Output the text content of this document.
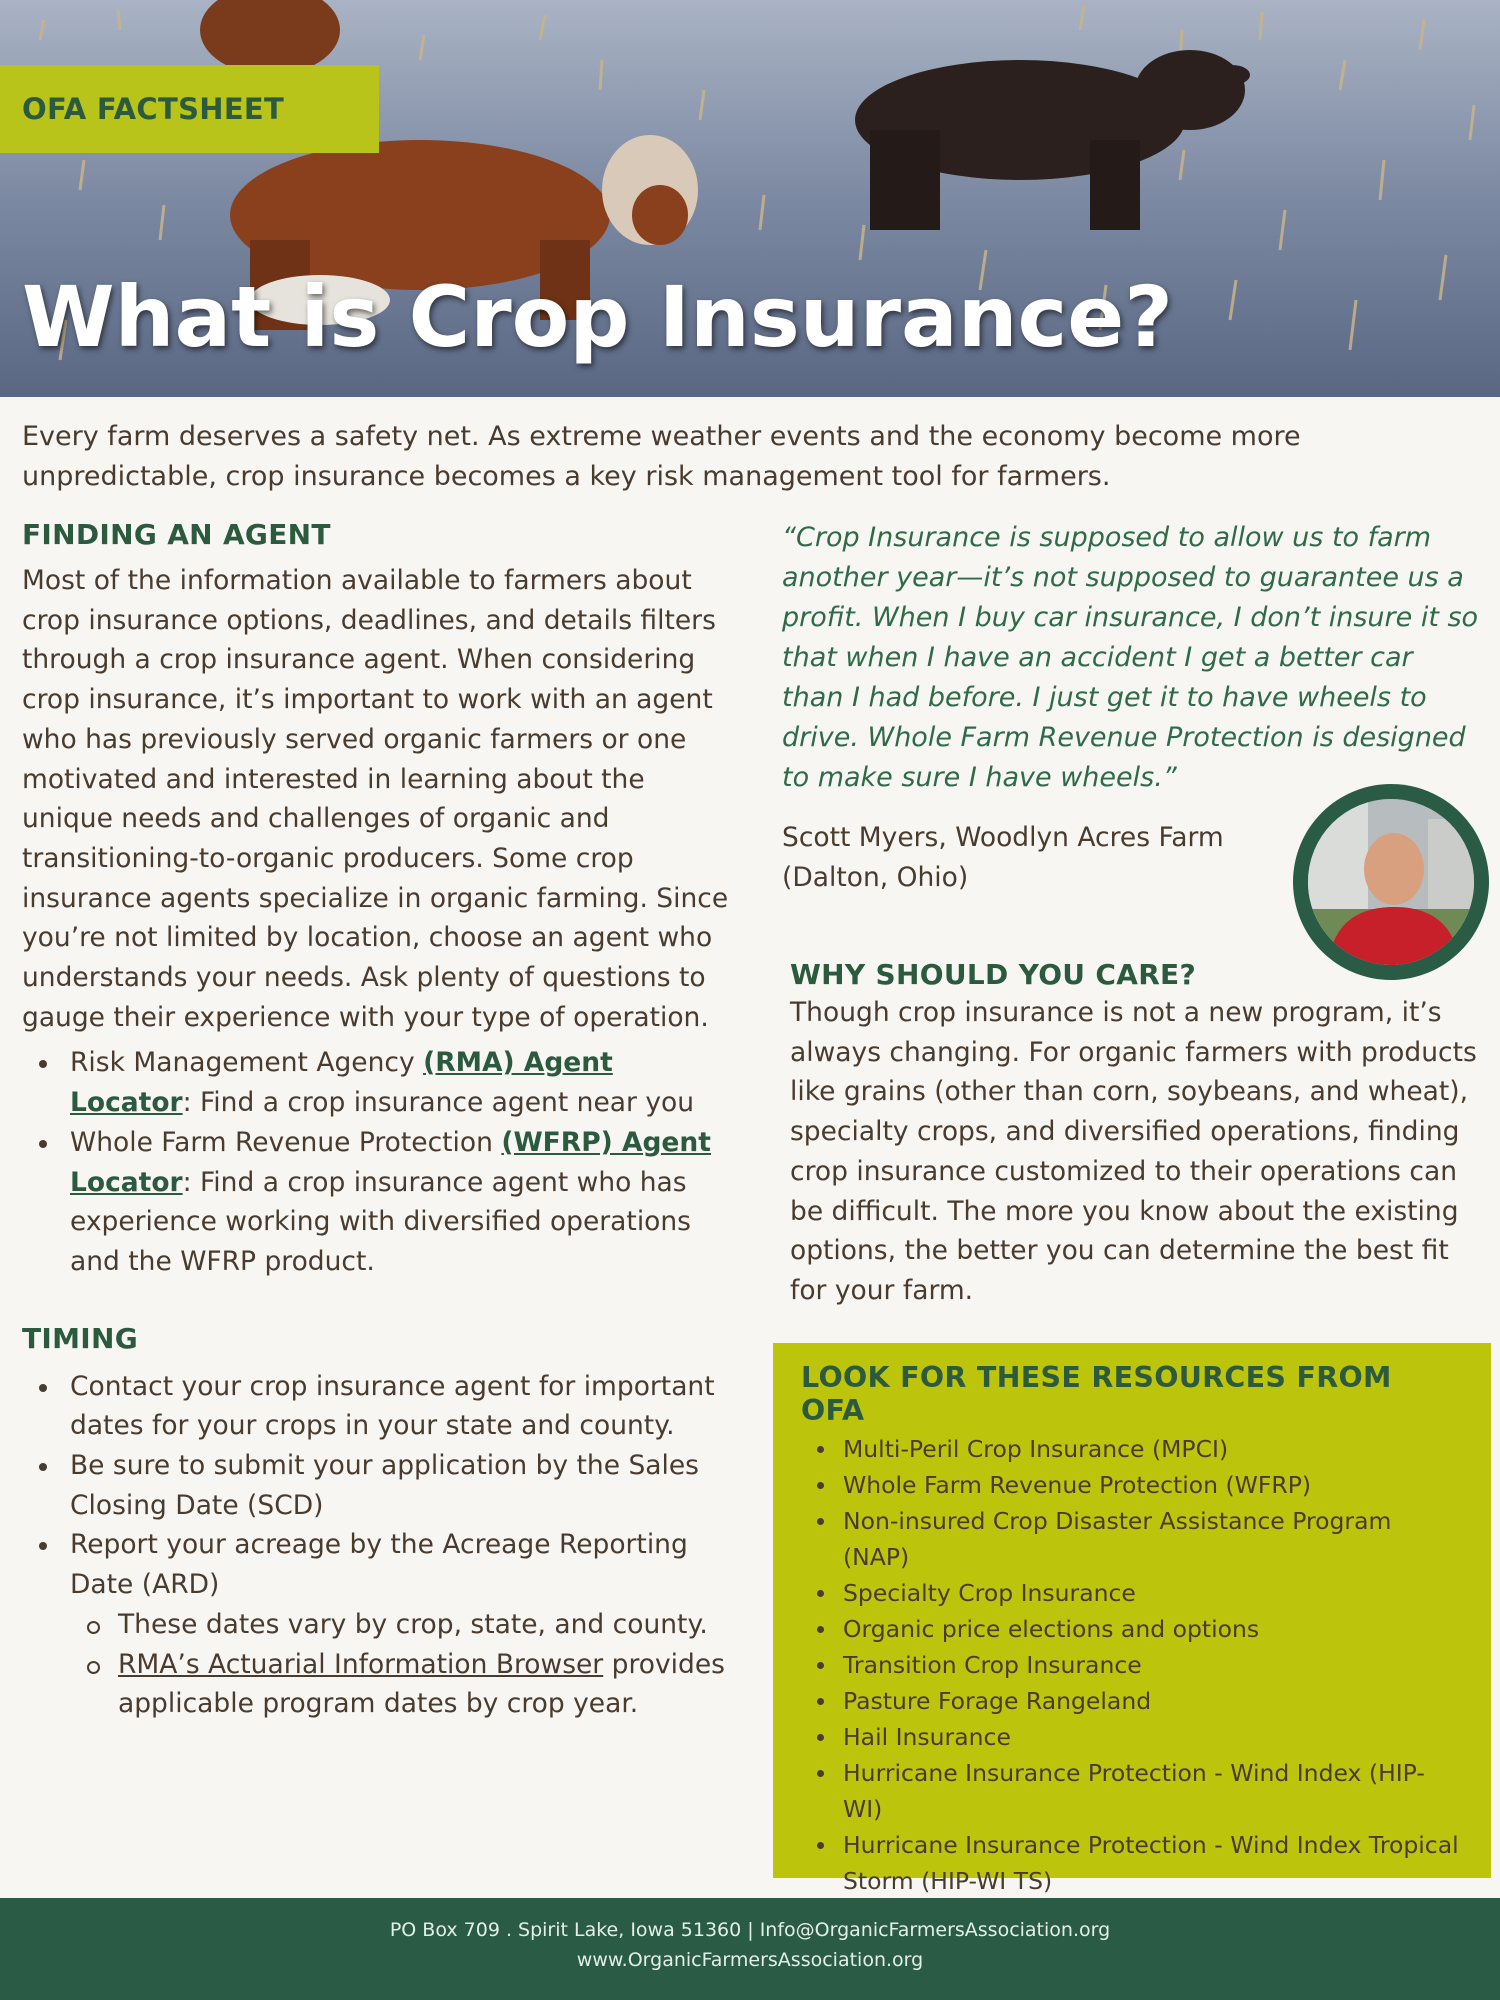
OFA FACTSHEET
What is Crop Insurance?

Every farm deserves a safety net. As extreme weather events and the economy become more unpredictable, crop insurance becomes a key risk management tool for farmers.

FINDING AN AGENT

Most of the information available to farmers about crop insurance options, deadlines, and details filters through a crop insurance agent. When considering crop insurance, it’s important to work with an agent who has previously served organic farmers or one motivated and interested in learning about the unique needs and challenges of organic and transitioning-to-organic producers. Some crop insurance agents specialize in organic farming. Since you’re not limited by location, choose an agent who understands your needs. Ask plenty of questions to gauge their experience with your type of operation.

Risk Management Agency (RMA) Agent Locator: Find a crop insurance agent near you
Whole Farm Revenue Protection (WFRP) Agent Locator: Find a crop insurance agent who has experience working with diversified operations and the WFRP product.
TIMING
Contact your crop insurance agent for important dates for your crops in your state and county.
Be sure to submit your application by the Sales Closing Date (SCD)
Report your acreage by the Acreage Reporting Date (ARD)
These dates vary by crop, state, and county.
RMA’s Actuarial Information Browser provides applicable program dates by crop year.

“Crop Insurance is supposed to allow us to farm another year—it’s not supposed to guarantee us a profit. When I buy car insurance, I don’t insure it so that when I have an accident I get a better car than I had before. I just get it to have wheels to drive. Whole Farm Revenue Protection is designed to make sure I have wheels.”

Scott Myers, Woodlyn Acres Farm
(Dalton, Ohio)
WHY SHOULD YOU CARE?

Though crop insurance is not a new program, it’s always changing. For organic farmers with products like grains (other than corn, soybeans, and wheat), specialty crops, and diversified operations, finding crop insurance customized to their operations can be difficult. The more you know about the existing options, the better you can determine the best fit for your farm.

LOOK FOR THESE RESOURCES FROM OFA
Multi-Peril Crop Insurance (MPCI)
Whole Farm Revenue Protection (WFRP)
Non-insured Crop Disaster Assistance Program (NAP)
Specialty Crop Insurance
Organic price elections and options
Transition Crop Insurance
Pasture Forage Rangeland
Hail Insurance
Hurricane Insurance Protection - Wind Index (HIP-WI)
Hurricane Insurance Protection - Wind Index Tropical Storm (HIP-WI TS)
PO Box 709 . Spirit Lake, Iowa 51360 | Info@OrganicFarmersAssociation.org
www.OrganicFarmersAssociation.org
